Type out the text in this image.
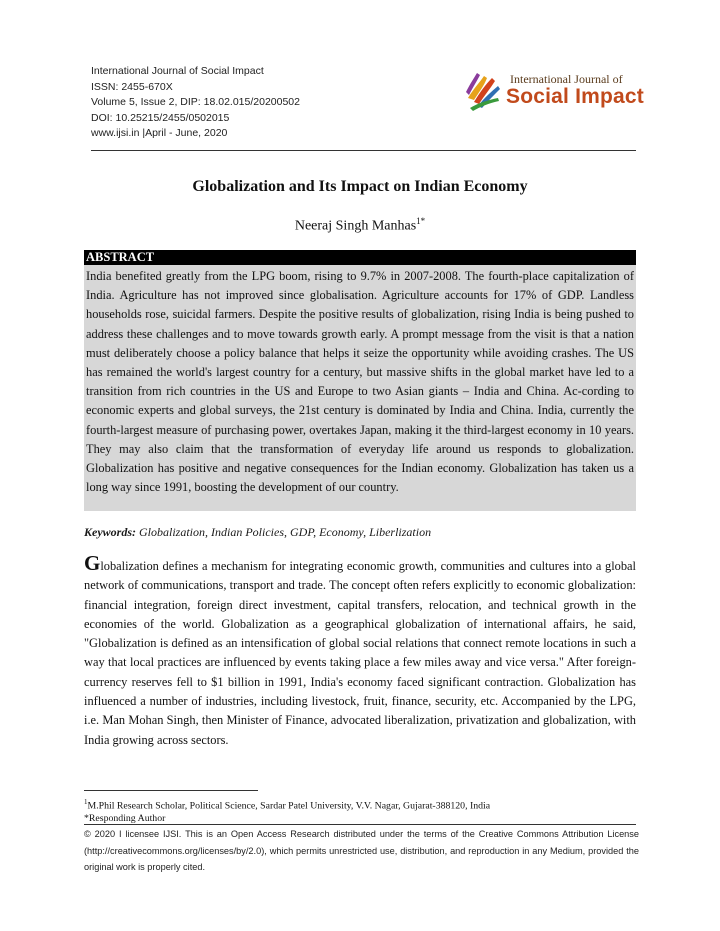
International Journal of Social Impact
ISSN: 2455-670X
Volume 5, Issue 2, DIP: 18.02.015/20200502
DOI: 10.25215/2455/0502015
www.ijsi.in |April - June, 2020
International Journal of
Social Impact
Globalization and Its Impact on Indian Economy
Neeraj Singh Manhas$^{1*}$
ABSTRACT
India benefited greatly from the LPG boom, rising to 9.7% in 2007-2008. The fourth-place capitalization of India. Agriculture has not improved since globalisation. Agriculture accounts for 17% of GDP. Landless households rose, suicidal farmers. Despite the positive results of globalization, rising India is being pushed to address these challenges and to move towards growth early. A prompt message from the visit is that a nation must deliberately choose a policy balance that helps it seize the opportunity while avoiding crashes. The US has remained the world's largest country for a century, but massive shifts in the global market have led to a transition from rich countries in the US and Europe to two Asian giants – India and China. Ac-cording to economic experts and global surveys, the 21st century is dominated by India and China. India, currently the fourth-largest measure of purchasing power, overtakes Japan, making it the third-largest economy in 10 years. They may also claim that the transformation of everyday life around us responds to globalization. Globalization has positive and negative consequences for the Indian economy. Globalization has taken us a long way since 1991, boosting the development of our country.
Keywords: Globalization, Indian Policies, GDP, Economy, Liberlization
Globalization defines a mechanism for integrating economic growth, communities and cultures into a global network of communications, transport and trade. The concept often refers explicitly to economic globalization: financial integration, foreign direct investment, capital transfers, relocation, and technical growth in the economies of the world. Globalization as a geographical globalization of international affairs, he said, "Globalization is defined as an intensification of global social relations that connect remote locations in such a way that local practices are influenced by events taking place a few miles away and vice versa." After foreign-currency reserves fell to $1 billion in 1991, India's economy faced significant contraction. Globalization has influenced a number of industries, including livestock, fruit, finance, security, etc. Accompanied by the LPG, i.e. Man Mohan Singh, then Minister of Finance, advocated liberalization, privatization and globalization, with India growing across sectors.
$^1$M.Phil Research Scholar, Political Science, Sardar Patel University, V.V. Nagar, Gujarat-388120, India
*Responding Author
© 2020 I licensee IJSI. This is an Open Access Research distributed under the terms of the Creative Commons Attribution License (http://creativecommons.org/licenses/by/2.0), which permits unrestricted use, distribution, and reproduction in any Medium, provided the original work is properly cited.
